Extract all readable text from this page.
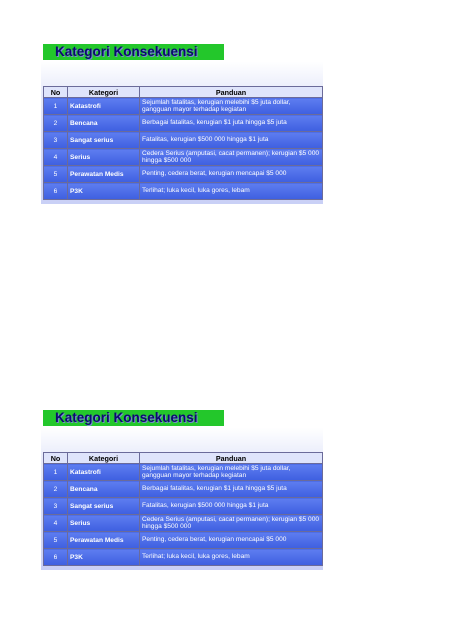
Kategori Konsekuensi
No	Kategori	Panduan
1	Katastrofi	Sejumlah fatalitas, kerugian melebihi $5 juta dollar, gangguan mayor terhadap kegiatan
2	Bencana	Berbagai fatalitas, kerugian $1 juta hingga $5 juta
3	Sangat serius	Fatalitas, kerugian $500 000 hingga $1 juta
4	Serius	Cedera Serius (amputasi, cacat permanen); kerugian $5 000 hingga $500 000
5	Perawatan Medis	Penting, cedera berat, kerugian mencapai $5 000
6	P3K	Terlihat; luka kecil, luka gores, lebam
Kategori Konsekuensi
No	Kategori	Panduan
1	Katastrofi	Sejumlah fatalitas, kerugian melebihi $5 juta dollar, gangguan mayor terhadap kegiatan
2	Bencana	Berbagai fatalitas, kerugian $1 juta hingga $5 juta
3	Sangat serius	Fatalitas, kerugian $500 000 hingga $1 juta
4	Serius	Cedera Serius (amputasi, cacat permanen); kerugian $5 000 hingga $500 000
5	Perawatan Medis	Penting, cedera berat, kerugian mencapai $5 000
6	P3K	Terlihat; luka kecil, luka gores, lebam
